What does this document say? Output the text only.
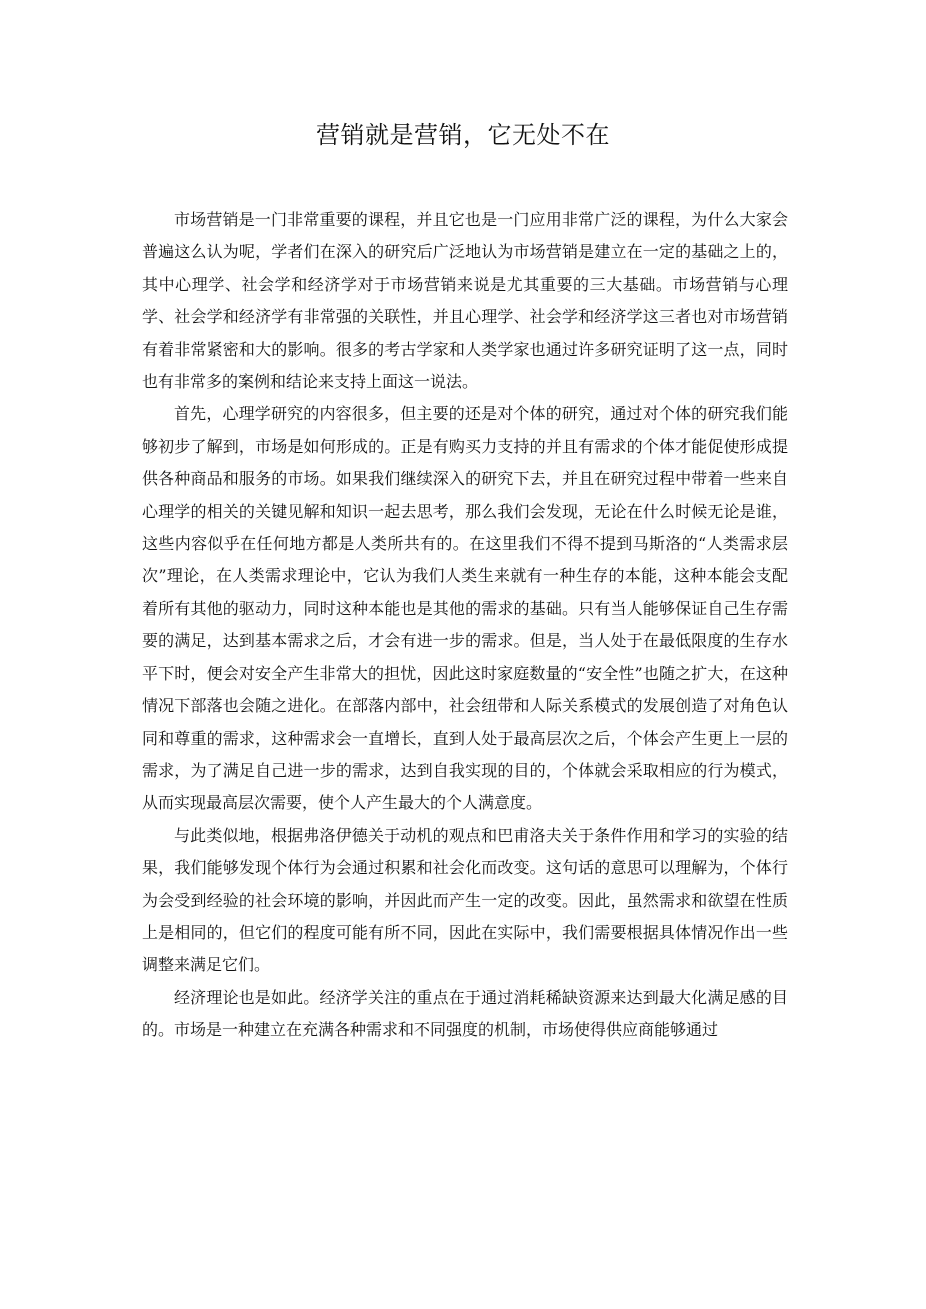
营销就是营销，它无处不在

市场营销是一门非常重要的课程，并且它也是一门应用非常广泛的课程，为什么大家会普遍这么认为呢，学者们在深入的研究后广泛地认为市场营销是建立在一定的基础之上的，其中心理学、社会学和经济学对于市场营销来说是尤其重要的三大基础。市场营销与心理学、社会学和经济学有非常强的关联性，并且心理学、社会学和经济学这三者也对市场营销有着非常紧密和大的影响。很多的考古学家和人类学家也通过许多研究证明了这一点，同时也有非常多的案例和结论来支持上面这一说法。

首先，心理学研究的内容很多，但主要的还是对个体的研究，通过对个体的研究我们能够初步了解到，市场是如何形成的。正是有购买力支持的并且有需求的个体才能促使形成提供各种商品和服务的市场。如果我们继续深入的研究下去，并且在研究过程中带着一些来自心理学的相关的关键见解和知识一起去思考，那么我们会发现，无论在什么时候无论是谁，这些内容似乎在任何地方都是人类所共有的。在这里我们不得不提到马斯洛的“人类需求层次”理论，在人类需求理论中，它认为我们人类生来就有一种生存的本能，这种本能会支配着所有其他的驱动力，同时这种本能也是其他的需求的基础。只有当人能够保证自己生存需要的满足，达到基本需求之后，才会有进一步的需求。但是，当人处于在最低限度的生存水平下时，便会对安全产生非常大的担忧，因此这时家庭数量的“安全性”也随之扩大，在这种情况下部落也会随之进化。在部落内部中，社会纽带和人际关系模式的发展创造了对角色认同和尊重的需求，这种需求会一直增长，直到人处于最高层次之后，个体会产生更上一层的需求，为了满足自己进一步的需求，达到自我实现的目的，个体就会采取相应的行为模式，从而实现最高层次需要，使个人产生最大的个人满意度。

与此类似地，根据弗洛伊德关于动机的观点和巴甫洛夫关于条件作用和学习的实验的结果，我们能够发现个体行为会通过积累和社会化而改变。这句话的意思可以理解为，个体行为会受到经验的社会环境的影响，并因此而产生一定的改变。因此，虽然需求和欲望在性质上是相同的，但它们的程度可能有所不同，因此在实际中，我们需要根据具体情况作出一些调整来满足它们。

经济理论也是如此。经济学关注的重点在于通过消耗稀缺资源来达到最大化满足感的目的。市场是一种建立在充满各种需求和不同强度的机制，市场使得供应商能够通过
